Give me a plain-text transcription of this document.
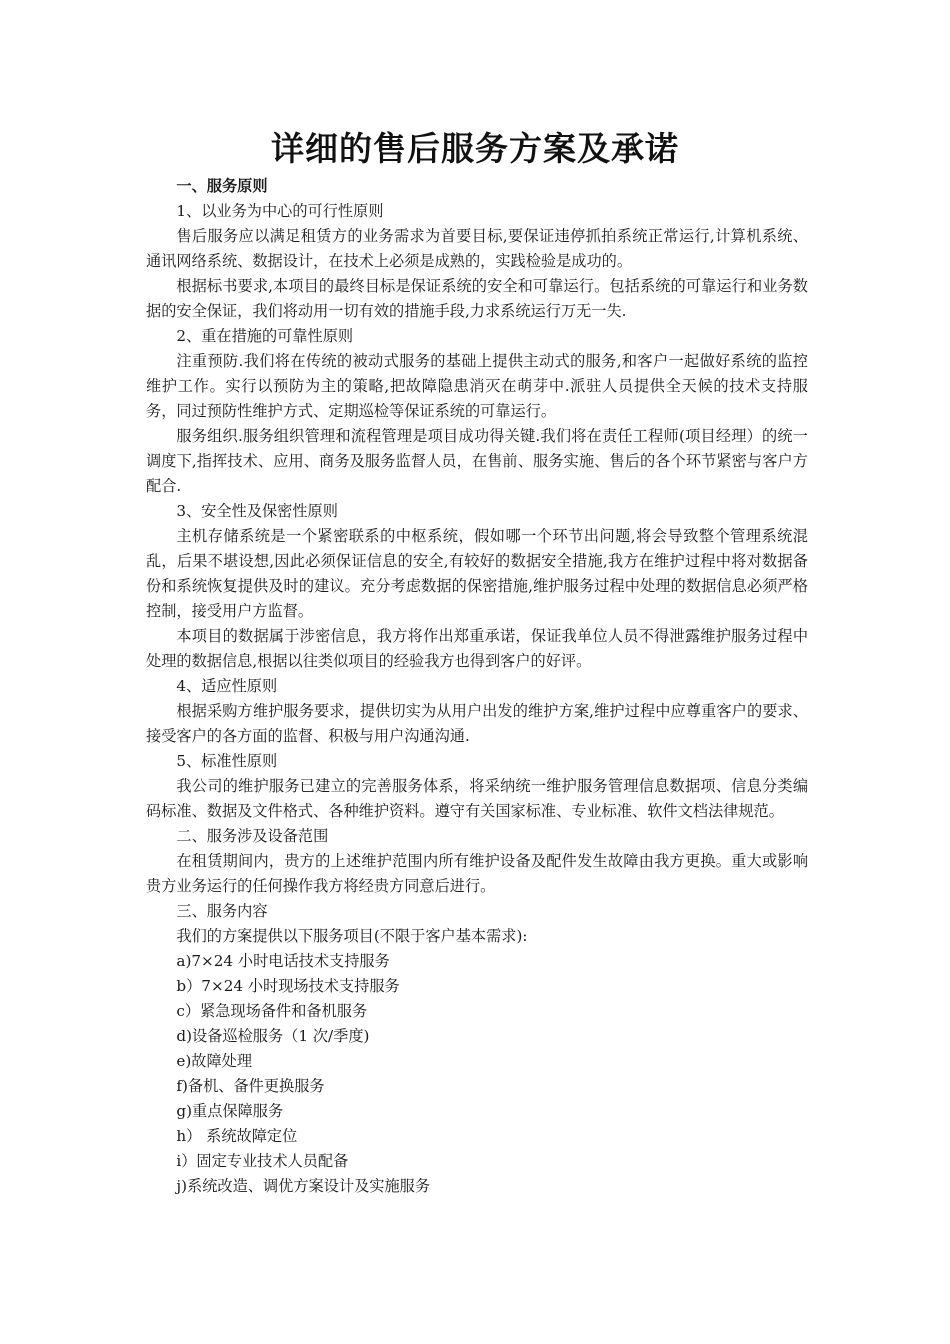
详细的售后服务方案及承诺

一、服务原则

1、以业务为中心的可行性原则

售后服务应以满足租赁方的业务需求为首要目标,要保证违停抓拍系统正常运行,计算机系统、通讯网络系统、数据设计，在技术上必须是成熟的，实践检验是成功的。

根据标书要求,本项目的最终目标是保证系统的安全和可靠运行。包括系统的可靠运行和业务数据的安全保证，我们将动用一切有效的措施手段,力求系统运行万无一失.

2、重在措施的可靠性原则

注重预防.我们将在传统的被动式服务的基础上提供主动式的服务,和客户一起做好系统的监控维护工作。实行以预防为主的策略,把故障隐患消灭在萌芽中.派驻人员提供全天候的技术支持服务，同过预防性维护方式、定期巡检等保证系统的可靠运行。

服务组织.服务组织管理和流程管理是项目成功得关键.我们将在责任工程师(项目经理）的统一调度下,指挥技术、应用、商务及服务监督人员，在售前、服务实施、售后的各个环节紧密与客户方配合.

3、安全性及保密性原则

主机存储系统是一个紧密联系的中枢系统，假如哪一个环节出问题,将会导致整个管理系统混乱，后果不堪设想,因此必须保证信息的安全,有较好的数据安全措施,我方在维护过程中将对数据备份和系统恢复提供及时的建议。充分考虑数据的保密措施,维护服务过程中处理的数据信息必须严格控制，接受用户方监督。

本项目的数据属于涉密信息，我方将作出郑重承诺，保证我单位人员不得泄露维护服务过程中处理的数据信息,根据以往类似项目的经验我方也得到客户的好评。

4、适应性原则

根据采购方维护服务要求，提供切实为从用户出发的维护方案,维护过程中应尊重客户的要求、接受客户的各方面的监督、积极与用户沟通沟通.

5、标准性原则

我公司的维护服务已建立的完善服务体系，将采纳统一维护服务管理信息数据项、信息分类编码标准、数据及文件格式、各种维护资料。遵守有关国家标准、专业标准、软件文档法律规范。

二、服务涉及设备范围

在租赁期间内，贵方的上述维护范围内所有维护设备及配件发生故障由我方更换。重大或影响贵方业务运行的任何操作我方将经贵方同意后进行。

三、服务内容

我们的方案提供以下服务项目(不限于客户基本需求):

a)7×24 小时电话技术支持服务

b）7×24 小时现场技术支持服务

c）紧急现场备件和备机服务

d)设备巡检服务（1 次/季度)

e)故障处理

f)备机、备件更换服务

g)重点保障服务

h） 系统故障定位

i）固定专业技术人员配备

j)系统改造、调优方案设计及实施服务
